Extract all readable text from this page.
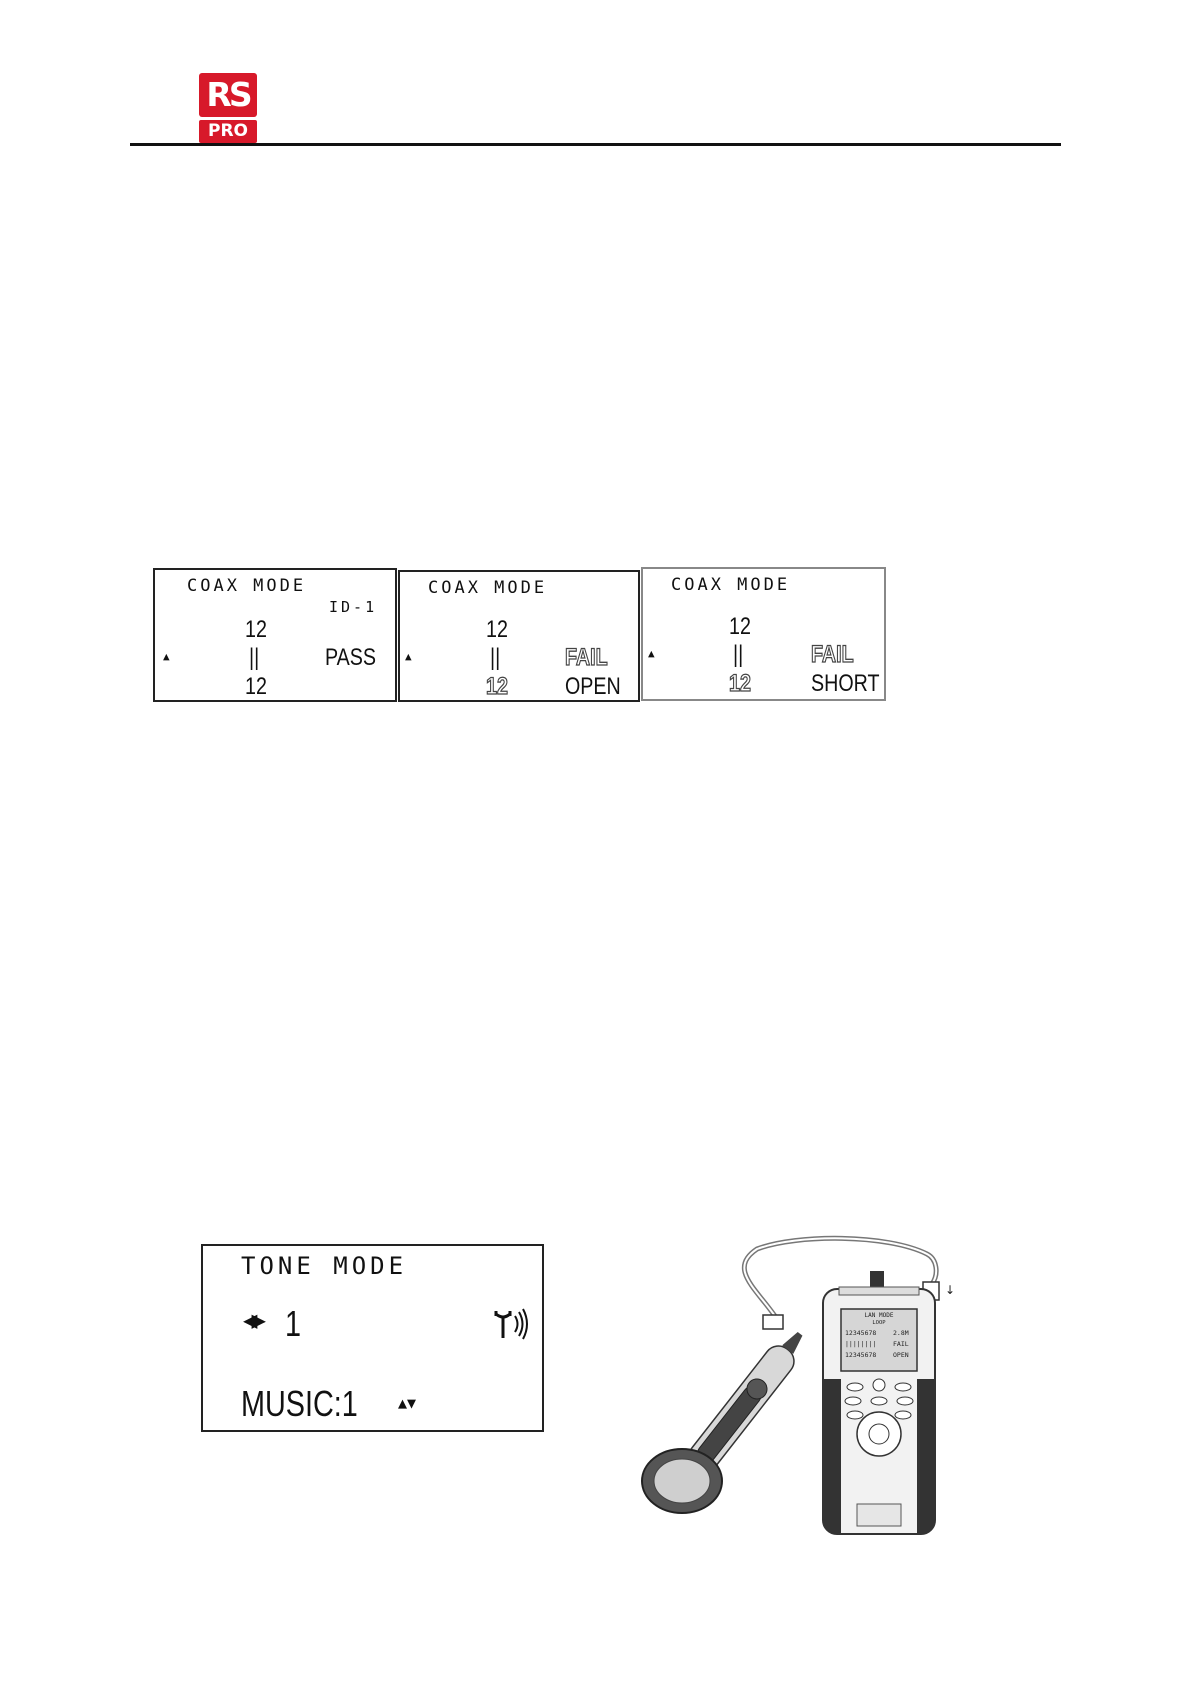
RS
PRO
COAX MODE
ID-1
12
▲	||	PASS
12
COAX MODE
12
▲	||	FAIL
12 OPEN
COAX MODE
12
▲	||	FAIL
12	SHORT
TONE MODE
◀▶ 1
MUSIC:1	▲▼
↓
LAN MODE
LOOP
12345678	2.8M
||||||||	FAIL
12345678	OPEN
